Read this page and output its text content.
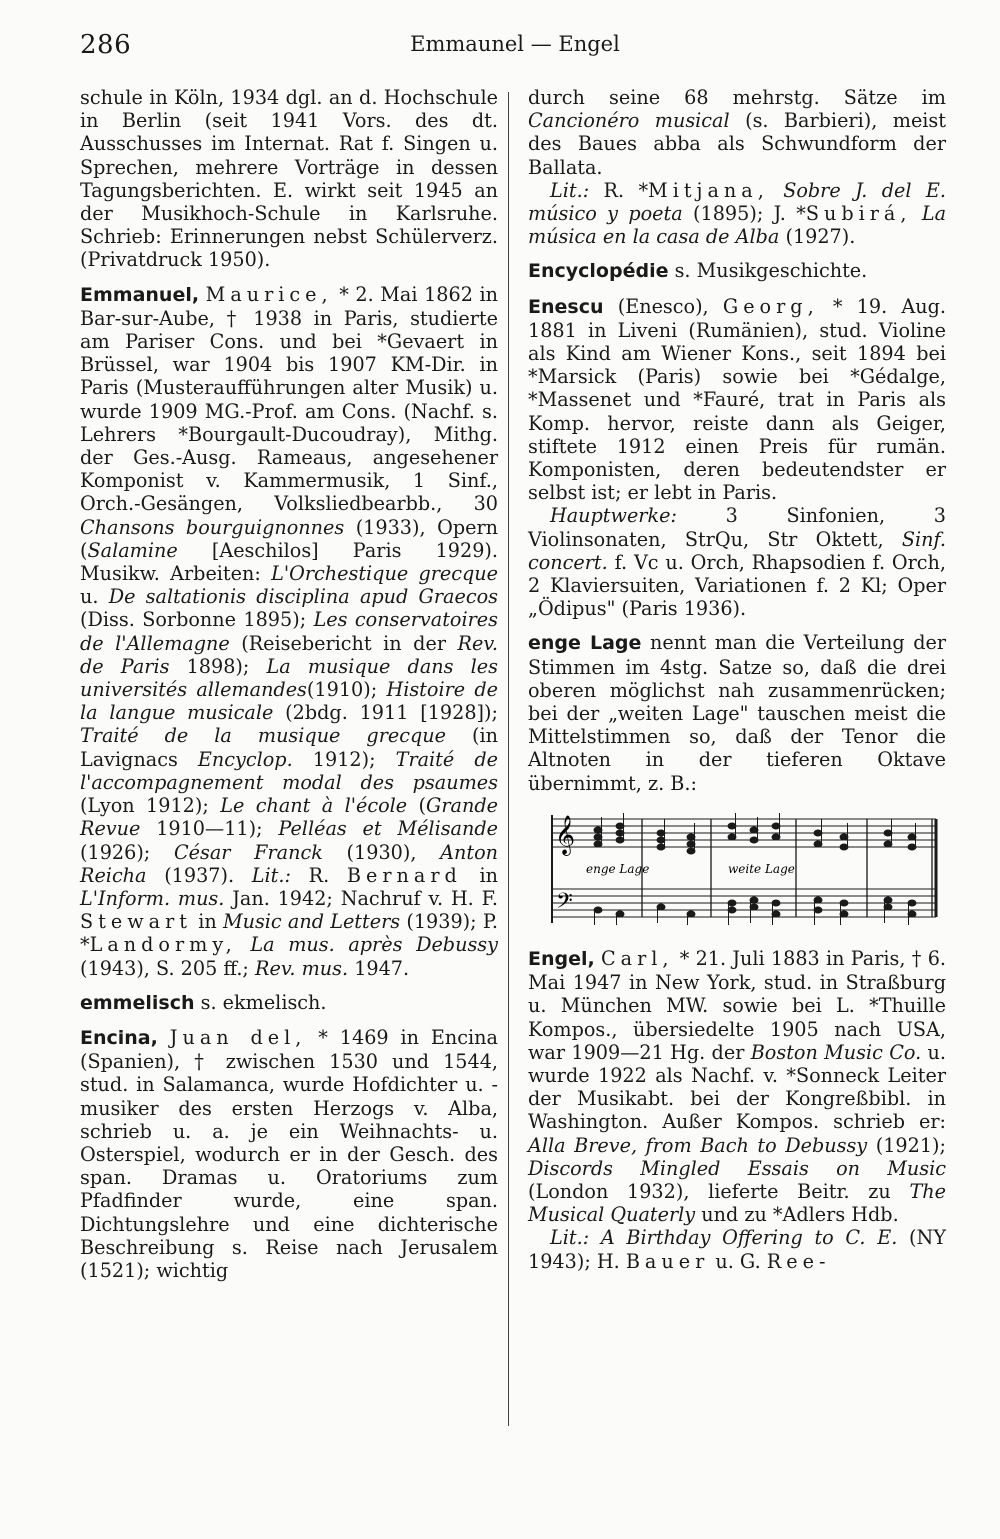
286	Emmaunel — Engel

schule in Köln, 1934 dgl. an d. Hochschule in Berlin (seit 1941 Vors. des dt. Ausschusses im Internat. Rat f. Singen u. Sprechen, mehrere Vorträge in dessen Tagungsberichten. E. wirkt seit 1945 an der Musikhoch-Schule in Karlsruhe. Schrieb: Erinnerungen nebst Schülerverz. (Privatdruck 1950).

Emmanuel, Maurice, * 2. Mai 1862 in Bar-sur-Aube, † 1938 in Paris, studierte am Pariser Cons. und bei *Gevaert in Brüssel, war 1904 bis 1907 KM-Dir. in Paris (Musteraufführungen alter Musik) u. wurde 1909 MG.-Prof. am Cons. (Nachf. s. Lehrers *Bourgault-Ducoudray), Mithg. der Ges.-Ausg. Rameaus, angesehener Komponist v. Kammermusik, 1 Sinf., Orch.-Gesängen, Volksliedbearbb., 30 Chansons bourguignonnes (1933), Opern (Salamine [Aeschilos] Paris 1929). Musikw. Arbeiten: L'Orchestique grecque u. De saltationis disciplina apud Graecos (Diss. Sorbonne 1895); Les conservatoires de l'Allemagne (Reisebericht in der Rev. de Paris 1898); La musique dans les universités allemandes(1910); Histoire de la langue musicale (2bdg. 1911 [1928]); Traité de la musique grecque (in Lavignacs Encyclop. 1912); Traité de l'accompagnement modal des psaumes (Lyon 1912); Le chant à l'école (Grande Revue 1910—11); Pelléas et Mélisande (1926); César Franck (1930), Anton Reicha (1937). Lit.: R. Bernard in L'Inform. mus. Jan. 1942; Nachruf v. H. F. Stewart in Music and Letters (1939); P. *Landormy, La mus. après Debussy (1943), S. 205 ff.; Rev. mus. 1947.

emmelisch s. ekmelisch.

Encina, Juan del, * 1469 in Encina (Spanien), † zwischen 1530 und 1544, stud. in Salamanca, wurde Hofdichter u. -musiker des ersten Herzogs v. Alba, schrieb u. a. je ein Weihnachts- u. Osterspiel, wodurch er in der Gesch. des span. Dramas u. Oratoriums zum Pfadfinder wurde, eine span. Dichtungslehre und eine dichterische Beschreibung s. Reise nach Jerusalem (1521); wichtig

durch seine 68 mehrstg. Sätze im Cancionéro musical (s. Barbieri), meist des Baues abba als Schwundform der Ballata.

Lit.: R. *Mitjana, Sobre J. del E. músico y poeta (1895); J. *Subirá, La música en la casa de Alba (1927).

Encyclopédie s. Musikgeschichte.

Enescu (Enesco), Georg, * 19. Aug. 1881 in Liveni (Rumänien), stud. Violine als Kind am Wiener Kons., seit 1894 bei *Marsick (Paris) sowie bei *Gédalge, *Massenet und *Fauré, trat in Paris als Komp. hervor, reiste dann als Geiger, stiftete 1912 einen Preis für rumän. Komponisten, deren bedeutendster er selbst ist; er lebt in Paris.

Hauptwerke:	3 Sinfonien, 3 Violinsonaten, StrQu, Str Oktett, Sinf. concert. f. Vc u. Orch, Rhapsodien f. Orch, 2 Klaviersuiten, Variationen f. 2 Kl; Oper „Ödipus" (Paris 1936).

enge Lage nennt man die Verteilung der Stimmen im 4stg. Satze so, daß die drei oberen möglichst nah zusammenrücken; bei der „weiten Lage" tauschen meist die Mittelstimmen so, daß der Tenor die Altnoten in der tieferen Oktave übernimmt, z. B.:

𝄞
𝄢
enge Lage	weite Lage

Engel, Carl, * 21. Juli 1883 in Paris, † 6. Mai 1947 in New York, stud. in Straßburg u. München MW. sowie bei L. *Thuille Kompos., übersiedelte 1905 nach USA, war 1909—21 Hg. der Boston Music Co. u. wurde 1922 als Nachf. v. *Sonneck Leiter der Musikabt. bei der Kongreßbibl. in Washington. Außer Kompos. schrieb er: Alla Breve, from Bach to Debussy (1921); Discords Mingled Essais on Music (London 1932), lieferte Beitr. zu The Musical Quaterly und zu *Adlers Hdb.

Lit.: A Birthday Offering to C. E. (NY 1943); H. Bauer u. G. Ree-
